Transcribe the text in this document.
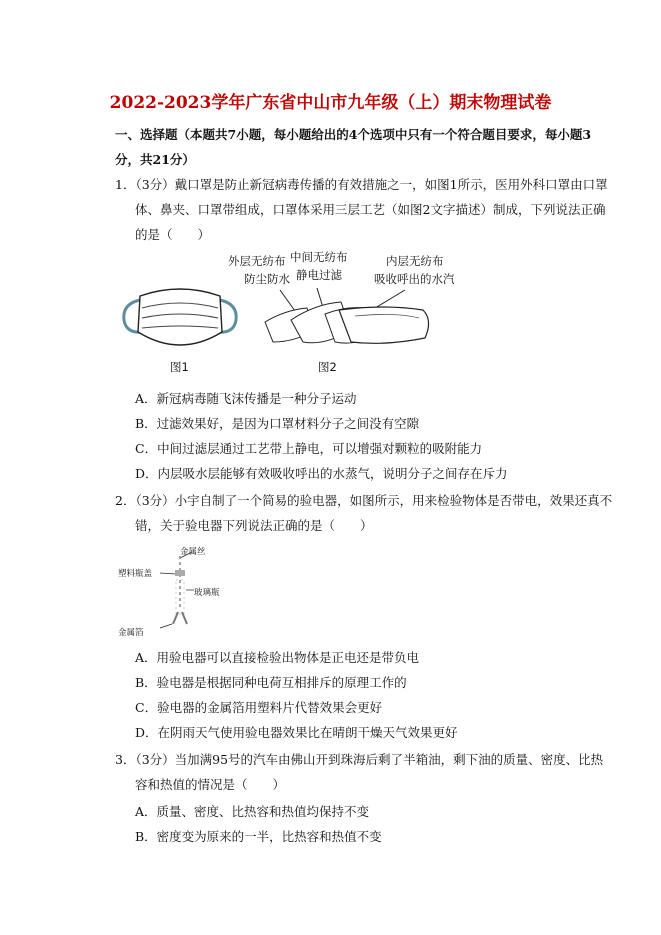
2022-2023学年广东省中山市九年级（上）期末物理试卷
一、选择题（本题共7小题，每小题给出的4个选项中只有一个符合题目要求，每小题3
分，共21分）
1．（3分）戴口罩是防止新冠病毒传播的有效措施之一，如图1所示，医用外科口罩由口罩
体、鼻夹、口罩带组成，口罩体采用三层工艺（如图2文字描述）制成，下列说法正确
的是（　　）
图1
外层无纺布
防尘防水
中间无纺布
静电过滤
内层无纺布
吸收呼出的水汽
图2
A．新冠病毒随飞沫传播是一种分子运动
B．过滤效果好，是因为口罩材料分子之间没有空隙
C．中间过滤层通过工艺带上静电，可以增强对颗粒的吸附能力
D．内层吸水层能够有效吸收呼出的水蒸气，说明分子之间存在斥力
2．（3分）小宇自制了一个简易的验电器，如图所示，用来检验物体是否带电，效果还真不
错，关于验电器下列说法正确的是（　　）
金属丝
塑料瓶盖
玻璃瓶
金属箔
A．用验电器可以直接检验出物体是正电还是带负电
B．验电器是根据同种电荷互相排斥的原理工作的
C．验电器的金属箔用塑料片代替效果会更好
D．在阴雨天气使用验电器效果比在晴朗干燥天气效果更好
3．（3分）当加满95号的汽车由佛山开到珠海后剩了半箱油，剩下油的质量、密度、比热
容和热值的情况是（　　）
A．质量、密度、比热容和热值均保持不变
B．密度变为原来的一半，比热容和热值不变
